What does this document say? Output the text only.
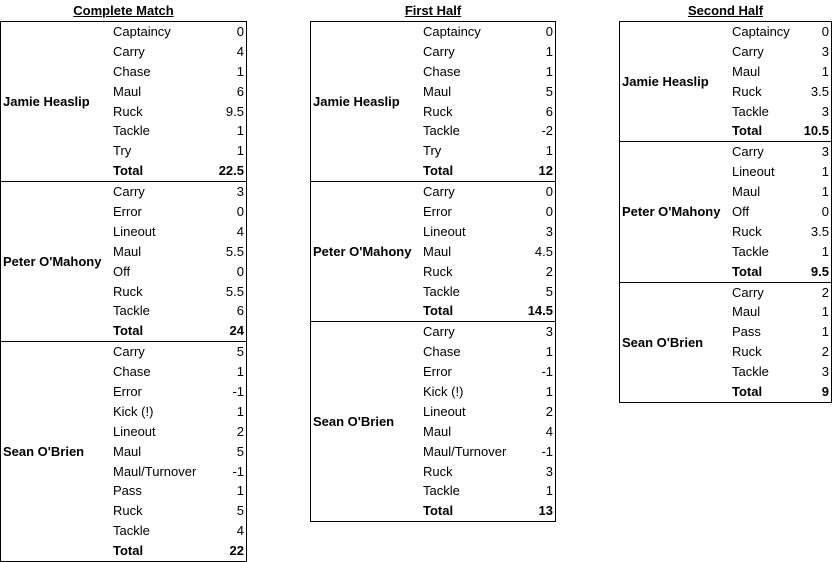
Complete Match
Captaincy	0
Carry	4
Chase	1
Maul	6
Ruck	9.5
Tackle	1
Try	1
Total	22.5
Jamie Heaslip
Carry	3
Error	0
Lineout	4
Maul	5.5
Off	0
Ruck	5.5
Tackle	6
Total	24
Peter O'Mahony
Carry	5
Chase	1
Error	-1
Kick (!)	1
Lineout	2
Maul	5
Maul/Turnover	-1
Pass	1
Ruck	5
Tackle	4
Total	22
Sean O'Brien
First Half
Captaincy	0
Carry	1
Chase	1
Maul	5
Ruck	6
Tackle	-2
Try	1
Total	12
Jamie Heaslip
Carry	0
Error	0
Lineout	3
Maul	4.5
Ruck	2
Tackle	5
Total	14.5
Peter O'Mahony
Carry	3
Chase	1
Error	-1
Kick (!)	1
Lineout	2
Maul	4
Maul/Turnover	-1
Ruck	3
Tackle	1
Total	13
Sean O'Brien
Second Half
Captaincy 0
Carry	3
Maul	1
Ruck	3.5
Tackle	3
Total	10.5
Jamie Heaslip
Carry	3
Lineout	1
Maul	1
Off	0
Ruck	3.5
Tackle	1
Total	9.5
Peter O'Mahony
Carry	2
Maul	1
Pass	1
Ruck	2
Tackle	3
Total	9
Sean O'Brien
